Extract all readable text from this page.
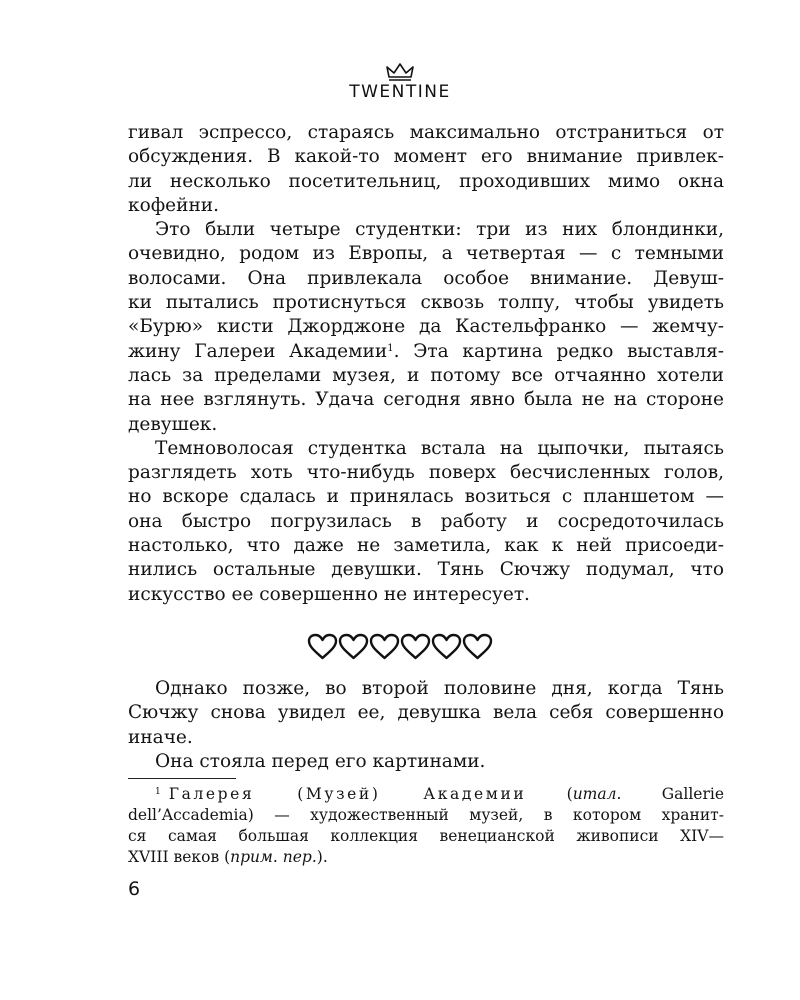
TWENTINE
гивал эспрессо, стараясь максимально отстраниться от
обсуждения. В какой-то момент его внимание привлек-
ли несколько посетительниц, проходивших мимо окна
кофейни.
Это были четыре студентки: три из них блондинки,
очевидно, родом из Европы, а четвертая — с темными
волосами. Она привлекала особое внимание. Девуш-
ки пытались протиснуться сквозь толпу, чтобы увидеть
«Бурю» кисти Джорджоне да Кастельфранко — жемчу-
жину Галереи Академии$^1$. Эта картина редко выставля-
лась за пределами музея, и потому все отчаянно хотели
на нее взглянуть. Удача сегодня явно была не на стороне
девушек.
Темноволосая студентка встала на цыпочки, пытаясь
разглядеть хоть что-нибудь поверх бесчисленных голов,
но вскоре сдалась и принялась возиться с планшетом —
она быстро погрузилась в работу и сосредоточилась
настолько, что даже не заметила, как к ней присоеди-
нились остальные девушки. Тянь Сючжу подумал, что
искусство ее совершенно не интересует.
Однако позже, во второй половине дня, когда Тянь
Сючжу снова увидел ее, девушка вела себя совершенно
иначе.
Она стояла перед его картинами.
$^1$ Галерея (Музей) Академии (итал. Gallerie
dell’Accademia) — художественный музей, в котором хранит-
ся самая большая коллекция венецианской живописи XIV—
XVIII веков (прим. пер.).
6
